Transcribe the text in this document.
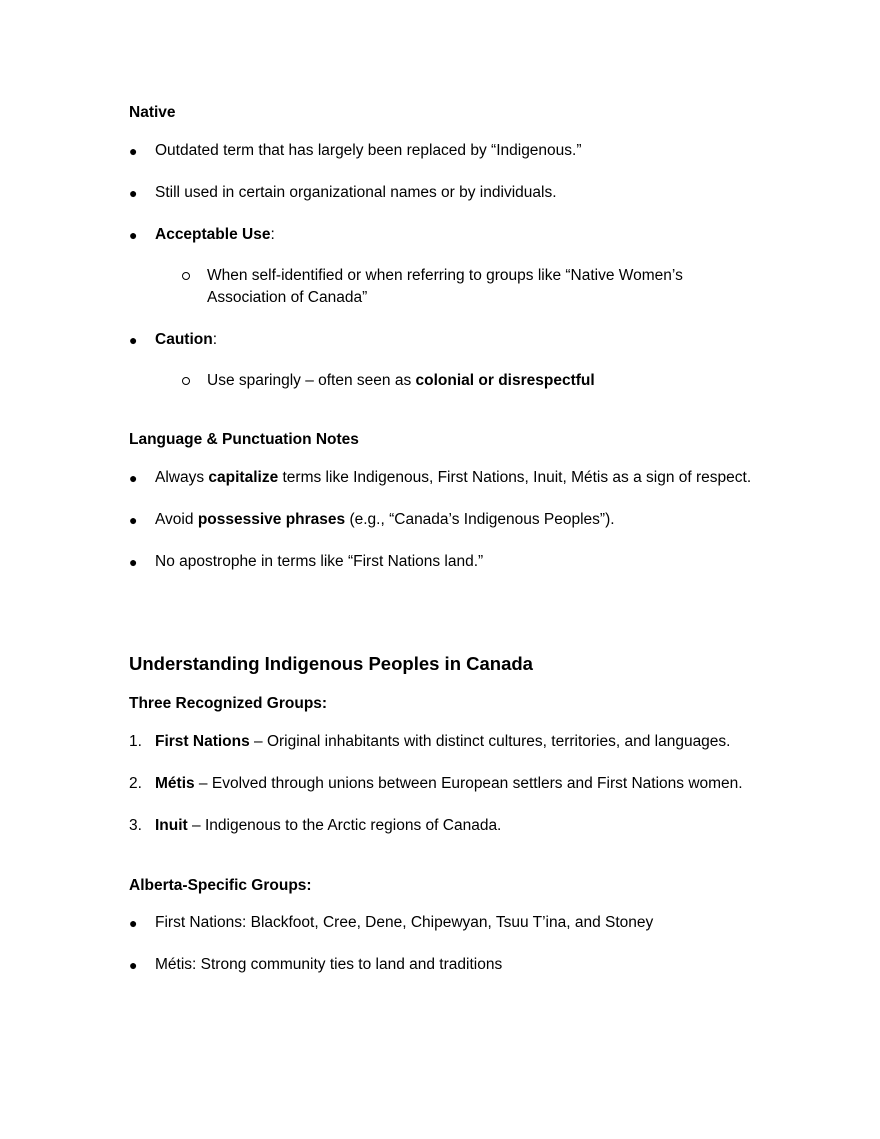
Native
● Outdated term that has largely been replaced by “Indigenous.”
● Still used in certain organizational names or by individuals.
● Acceptable Use:
When self-identified or when referring to groups like “Native Women’s
Association of Canada”
● Caution:
Use sparingly – often seen as colonial or disrespectful
Language & Punctuation Notes
● Always capitalize terms like Indigenous, First Nations, Inuit, Métis as a sign of respect.
● Avoid possessive phrases (e.g., “Canada’s Indigenous Peoples”).
● No apostrophe in terms like “First Nations land.”
Understanding Indigenous Peoples in Canada
Three Recognized Groups:
1. First Nations – Original inhabitants with distinct cultures, territories, and languages.
2. Métis – Evolved through unions between European settlers and First Nations women.
3. Inuit – Indigenous to the Arctic regions of Canada.
Alberta-Specific Groups:
● First Nations: Blackfoot, Cree, Dene, Chipewyan, Tsuu T’ina, and Stoney
● Métis: Strong community ties to land and traditions
